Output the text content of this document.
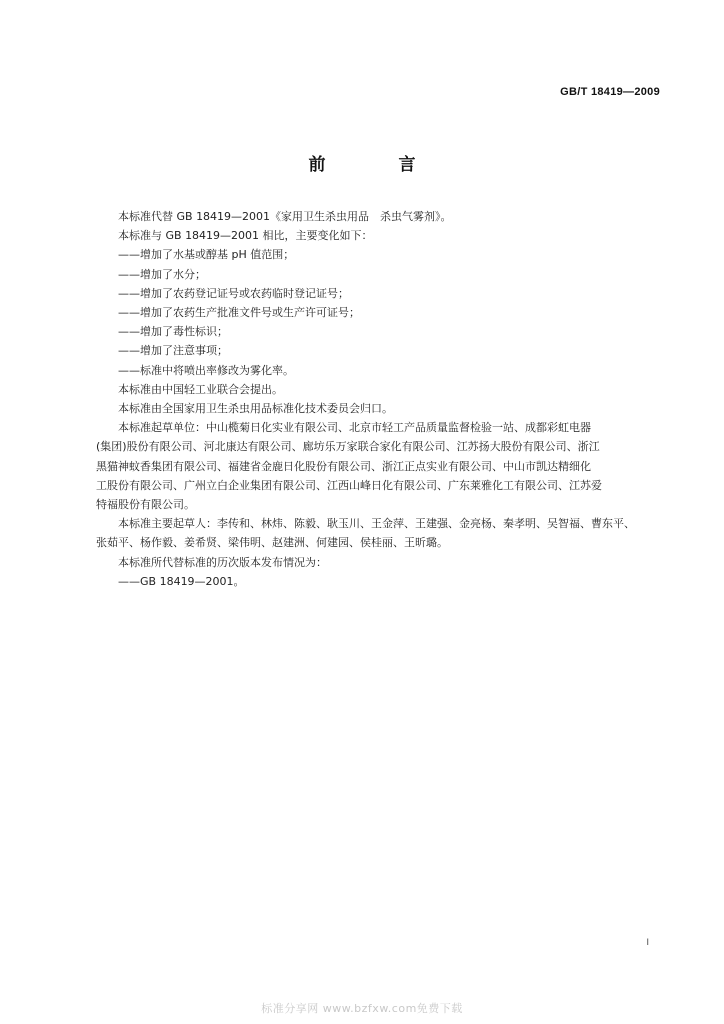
GB/T 18419—2009
前　言

本标准代替 GB 18419—2001《家用卫生杀虫用品　杀虫气雾剂》。

本标准与 GB 18419—2001 相比，主要变化如下：

——增加了水基或醇基 pH 值范围；

——增加了水分；

——增加了农药登记证号或农药临时登记证号；

——增加了农药生产批准文件号或生产许可证号；

——增加了毒性标识；

——增加了注意事项；

——标准中将喷出率修改为雾化率。

本标准由中国轻工业联合会提出。

本标准由全国家用卫生杀虫用品标准化技术委员会归口。

本标准起草单位：中山榄菊日化实业有限公司、北京市轻工产品质量监督检验一站、成都彩虹电器

(集团)股份有限公司、河北康达有限公司、廊坊乐万家联合家化有限公司、江苏扬大股份有限公司、浙江

黑猫神蚊香集团有限公司、福建省金鹿日化股份有限公司、浙江正点实业有限公司、中山市凯达精细化

工股份有限公司、广州立白企业集团有限公司、江西山峰日化有限公司、广东莱雅化工有限公司、江苏爱

特福股份有限公司。

本标准主要起草人：李传和、林炜、陈毅、耿玉川、王金萍、王建强、金亮杨、秦孝明、吴智福、曹东平、

张茹平、杨作毅、姜希贤、梁伟明、赵建洲、何建园、侯桂丽、王昕璐。

本标准所代替标准的历次版本发布情况为：

——GB 18419—2001。

I
标准分享网 www.bzfxw.com免费下载
